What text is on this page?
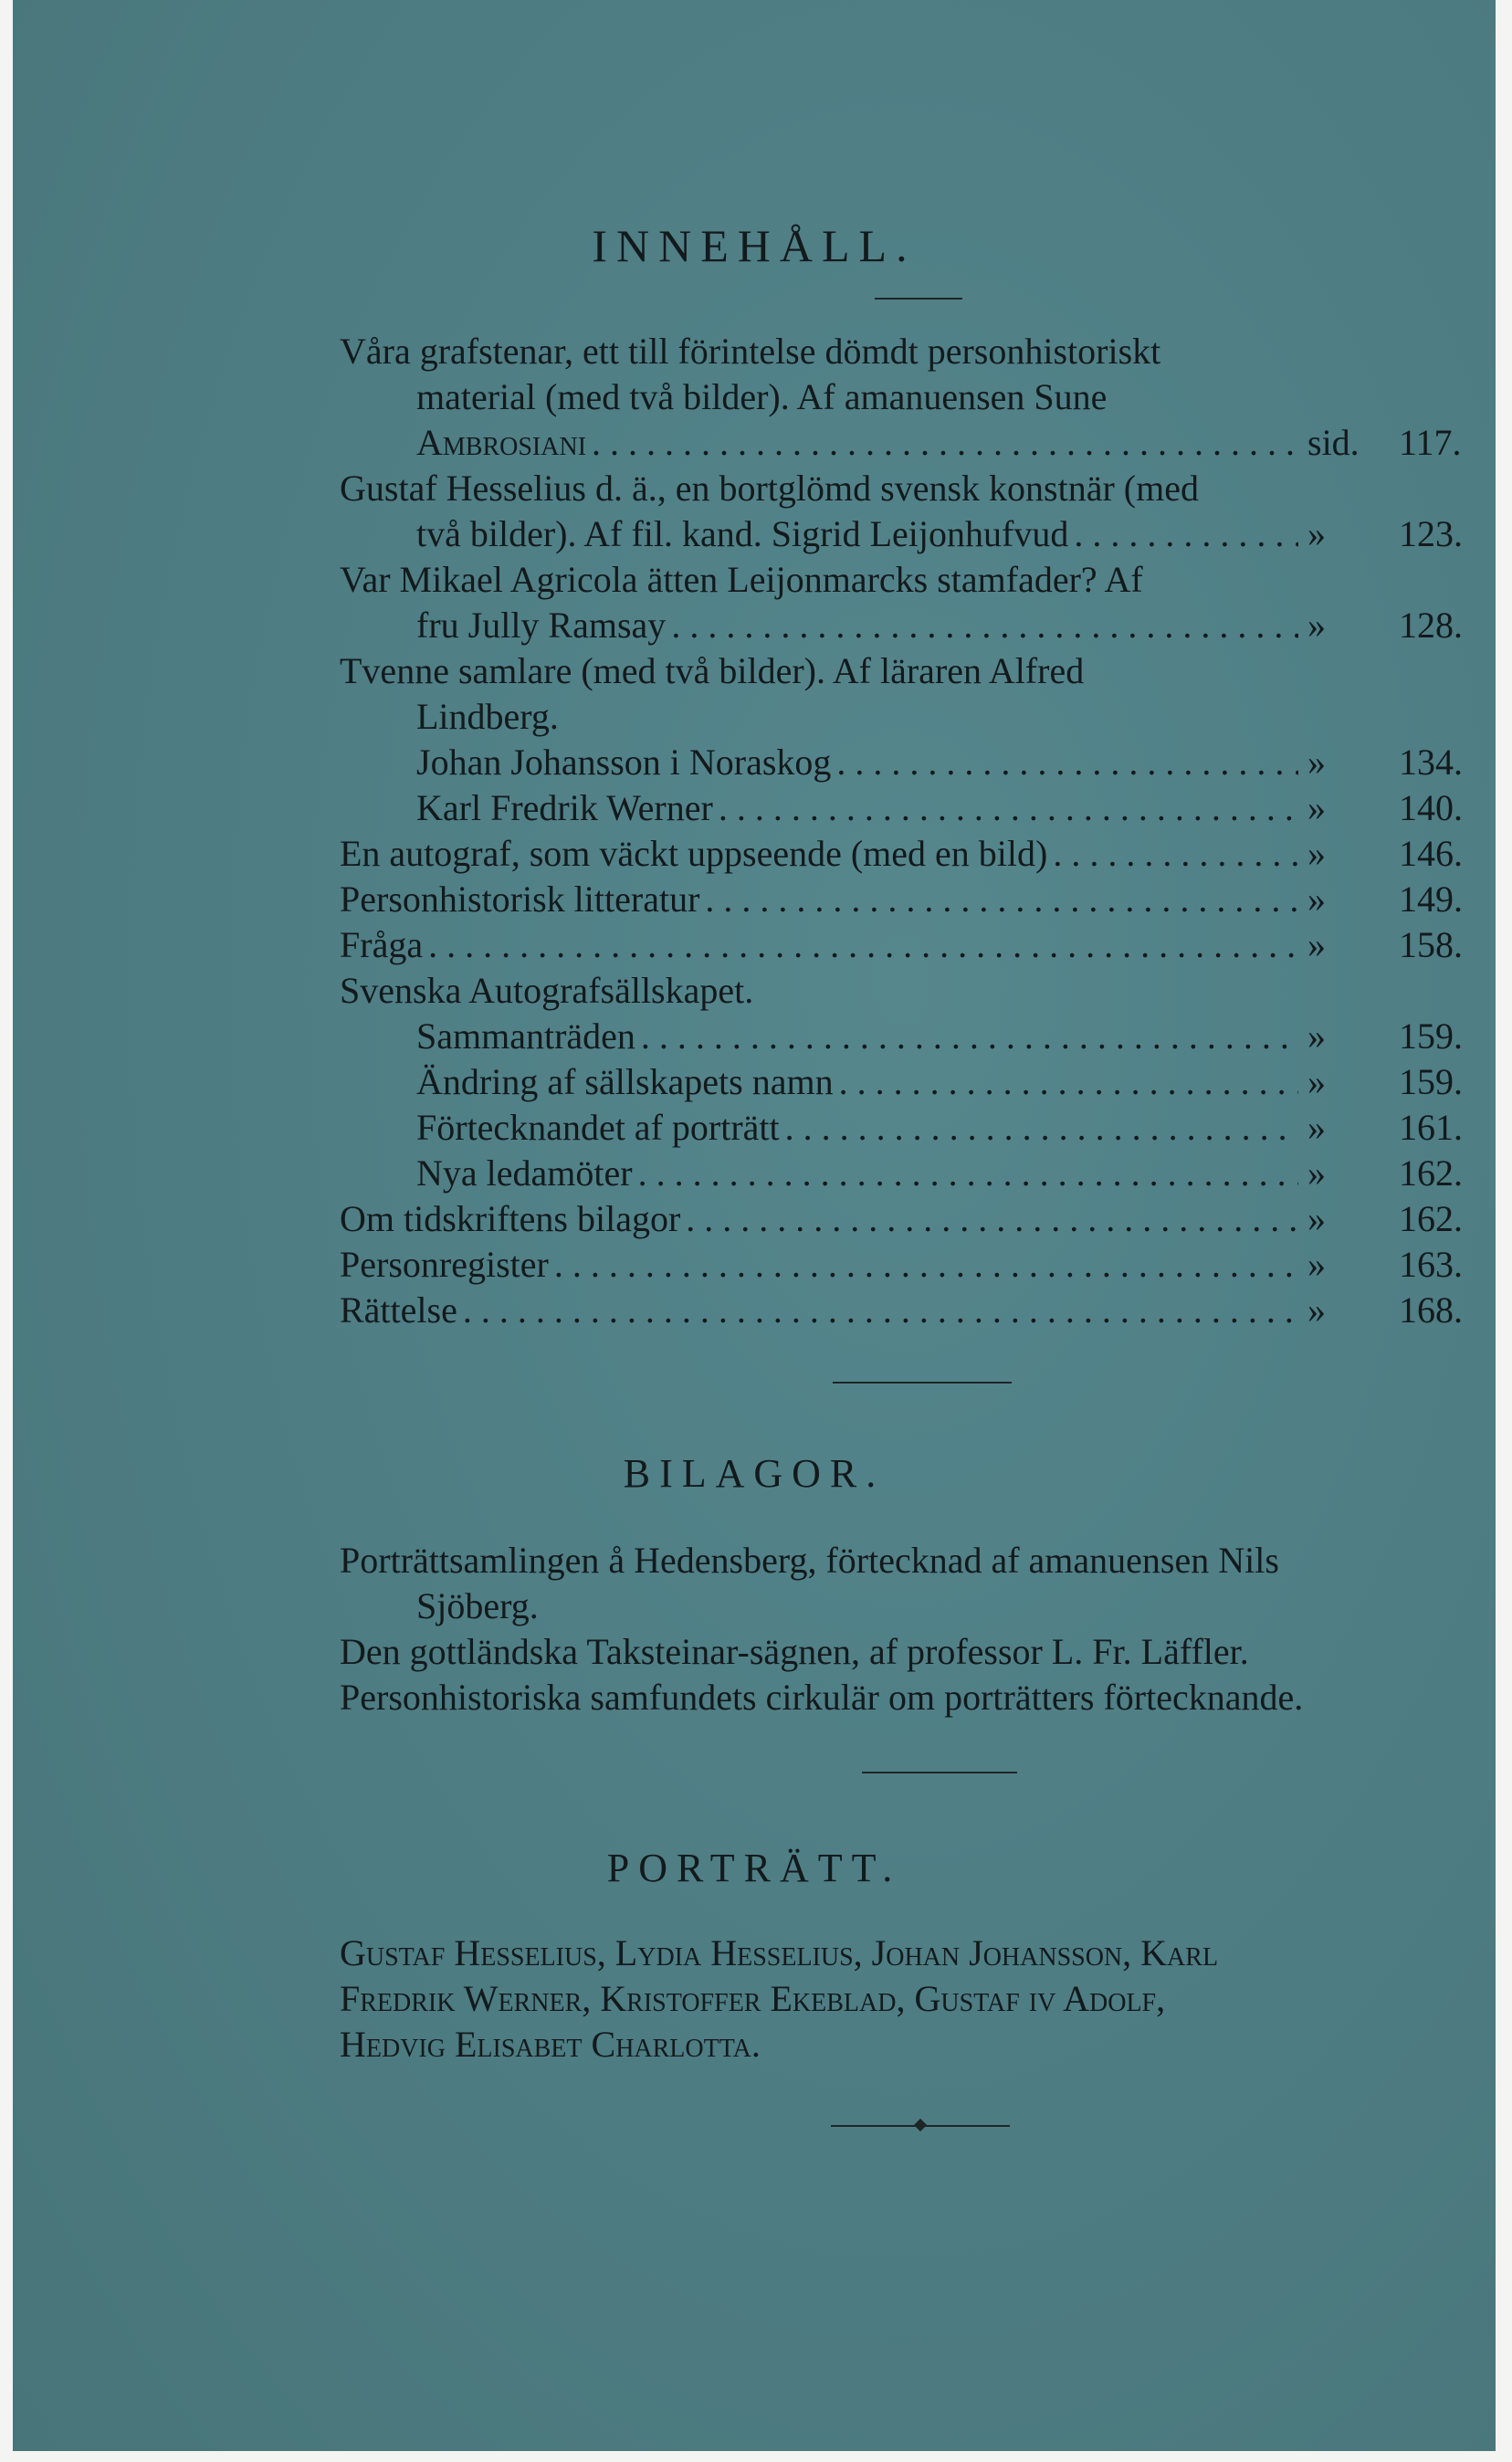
INNEHÅLL.
Våra grafstenar, ett till förintelse dömdt personhistoriskt
material (med två bilder). Af amanuensen Sune
Ambrosiani . . .	sid.	117.
Gustaf Hesselius d. ä., en bortglömd svensk konstnär (med
två bilder). Af fil. kand. Sigrid Leijonhufvud . . .	»	123.
Var Mikael Agricola ätten Leijonmarcks stamfader? Af
fru Jully Ramsay . . .	»	128.
Tvenne samlare (med två bilder). Af läraren Alfred
Lindberg.
Johan Johansson i Noraskog . . .	»	134.
Karl Fredrik Werner . . .	»	140.
En autograf, som väckt uppseende (med en bild) . . .	»	146.
Personhistorisk litteratur . . .	»	149.
Fråga . . .	»	158.
Svenska Autografsällskapet.
Sammanträden . . .	»	159.
Ändring af sällskapets namn . . .	»	159.
Förtecknandet af porträtt . . .	»	161.
Nya ledamöter . . .	»	162.
Om tidskriftens bilagor . . .	»	162.
Personregister . . .	»	163.
Rättelse . . .	»	168.
BILAGOR.
Porträttsamlingen å Hedensberg, förtecknad af amanuensen Nils
Sjöberg.
Den gottländska Taksteinar-sägnen, af professor L. Fr. Läffler.
Personhistoriska samfundets cirkulär om porträtters förtecknande.
PORTRÄTT.
Gustaf Hesselius, Lydia Hesselius, Johan Johansson, Karl
Fredrik Werner, Kristoffer Ekeblad, Gustaf iv Adolf,
Hedvig Elisabet Charlotta.
